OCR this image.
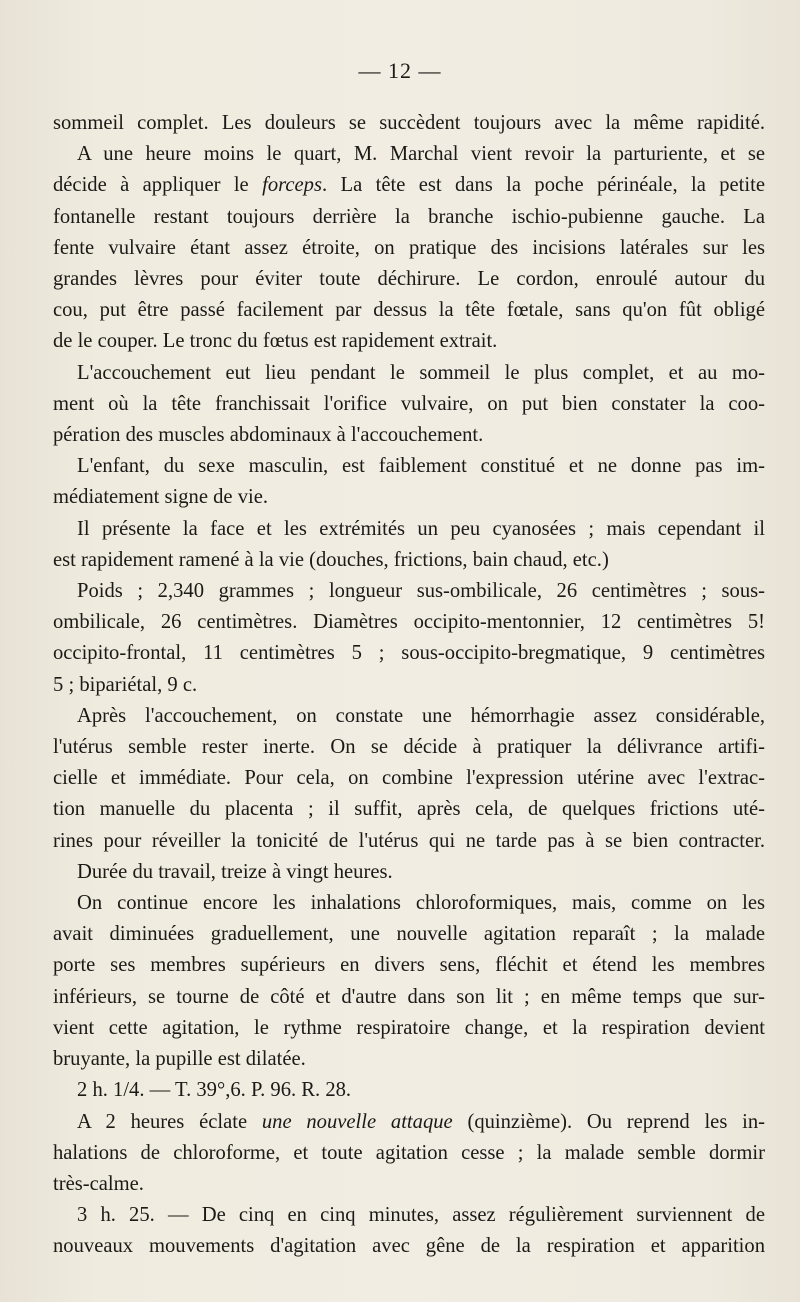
— 12 —
sommeil complet. Les douleurs se succèdent toujours avec la même rapidité.
A une heure moins le quart, M. Marchal vient revoir la parturiente, et se
décide à appliquer le forceps. La tête est dans la poche périnéale, la petite
fontanelle restant toujours derrière la branche ischio-pubienne gauche. La
fente vulvaire étant assez étroite, on pratique des incisions latérales sur les
grandes lèvres pour éviter toute déchirure. Le cordon, enroulé autour du
cou, put être passé facilement par dessus la tête fœtale, sans qu'on fût obligé
de le couper. Le tronc du fœtus est rapidement extrait.
L'accouchement eut lieu pendant le sommeil le plus complet, et au mo-
ment où la tête franchissait l'orifice vulvaire, on put bien constater la coo-
pération des muscles abdominaux à l'accouchement.
L'enfant, du sexe masculin, est faiblement constitué et ne donne pas im-
médiatement signe de vie.
Il présente la face et les extrémités un peu cyanosées ; mais cependant il
est rapidement ramené à la vie (douches, frictions, bain chaud, etc.)
Poids ; 2,340 grammes ; longueur sus-ombilicale, 26 centimètres ; sous-
ombilicale, 26 centimètres. Diamètres occipito-mentonnier, 12 centimètres 5!
occipito-frontal, 11 centimètres 5 ; sous-occipito-bregmatique, 9 centimètres
5 ; bipariétal, 9 c.
Après l'accouchement, on constate une hémorrhagie assez considérable,
l'utérus semble rester inerte. On se décide à pratiquer la délivrance artifi-
cielle et immédiate. Pour cela, on combine l'expression utérine avec l'extrac-
tion manuelle du placenta ; il suffit, après cela, de quelques frictions uté-
rines pour réveiller la tonicité de l'utérus qui ne tarde pas à se bien contracter.
Durée du travail, treize à vingt heures.
On continue encore les inhalations chloroformiques, mais, comme on les
avait diminuées graduellement, une nouvelle agitation reparaît ; la malade
porte ses membres supérieurs en divers sens, fléchit et étend les membres
inférieurs, se tourne de côté et d'autre dans son lit ; en même temps que sur-
vient cette agitation, le rythme respiratoire change, et la respiration devient
bruyante, la pupille est dilatée.
2 h. 1/4. — T. 39°,6. P. 96. R. 28.
A 2 heures éclate une nouvelle attaque (quinzième). Ou reprend les in-
halations de chloroforme, et toute agitation cesse ; la malade semble dormir
très-calme.
3 h. 25. — De cinq en cinq minutes, assez régulièrement surviennent de
nouveaux mouvements d'agitation avec gêne de la respiration et apparition
